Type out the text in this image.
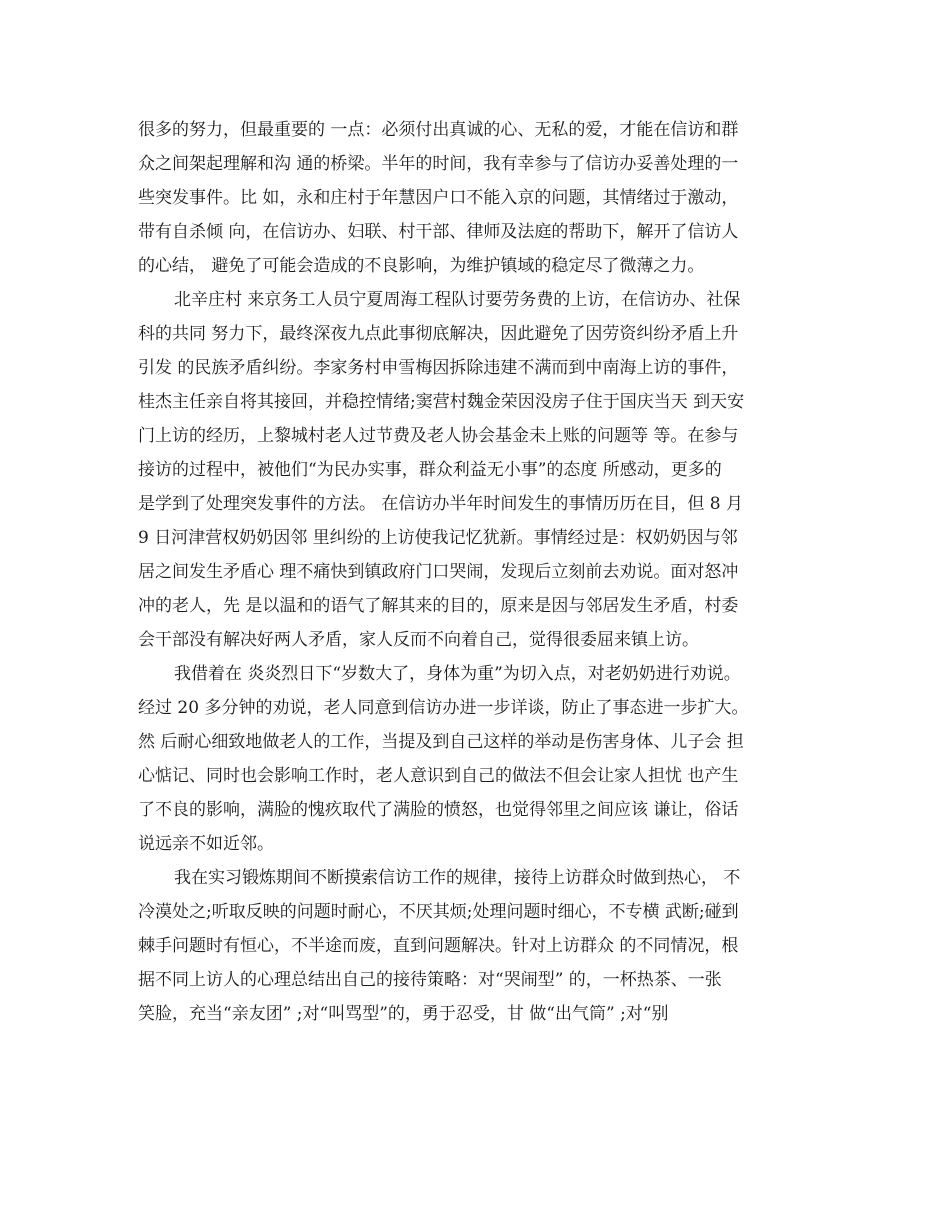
很多的努力，但最重要的 一点：必须付出真诚的心、无私的爱，才能在信访和群
众之间架起理解和沟 通的桥梁。半年的时间，我有幸参与了信访办妥善处理的一
些突发事件。比 如，永和庄村于年慧因户口不能入京的问题，其情绪过于激动，
带有自杀倾 向，在信访办、妇联、村干部、律师及法庭的帮助下，解开了信访人
的心结， 避免了可能会造成的不良影响，为维护镇域的稳定尽了微薄之力。
北辛庄村 来京务工人员宁夏周海工程队讨要劳务费的上访，在信访办、社保
科的共同 努力下，最终深夜九点此事彻底解决，因此避免了因劳资纠纷矛盾上升
引发 的民族矛盾纠纷。李家务村申雪梅因拆除违建不满而到中南海上访的事件，
桂杰主任亲自将其接回，并稳控情绪;窦营村魏金荣因没房子住于国庆当天 到天安
门上访的经历，上黎城村老人过节费及老人协会基金未上账的问题等 等。在参与
接访的过程中，被他们“为民办实事，群众利益无小事”的态度 所感动，更多的
是学到了处理突发事件的方法。 在信访办半年时间发生的事情历历在目，但 8 月
9 日河津营权奶奶因邻 里纠纷的上访使我记忆犹新。事情经过是：权奶奶因与邻
居之间发生矛盾心 理不痛快到镇政府门口哭闹，发现后立刻前去劝说。面对怒冲
冲的老人，先 是以温和的语气了解其来的目的，原来是因与邻居发生矛盾，村委
会干部没有解决好两人矛盾，家人反而不向着自己，觉得很委屈来镇上访。
我借着在 炎炎烈日下“岁数大了，身体为重”为切入点，对老奶奶进行劝说。
经过 20 多分钟的劝说，老人同意到信访办进一步详谈，防止了事态进一步扩大。
然 后耐心细致地做老人的工作，当提及到自己这样的举动是伤害身体、儿子会 担
心惦记、同时也会影响工作时，老人意识到自己的做法不但会让家人担忧 也产生
了不良的影响，满脸的愧疚取代了满脸的愤怒，也觉得邻里之间应该 谦让，俗话
说远亲不如近邻。
我在实习锻炼期间不断摸索信访工作的规律，接待上访群众时做到热心， 不
冷漠处之;听取反映的问题时耐心，不厌其烦;处理问题时细心，不专横 武断;碰到
棘手问题时有恒心，不半途而废，直到问题解决。针对上访群众 的不同情况，根
据不同上访人的心理总结出自己的接待策略：对“哭闹型” 的，一杯热茶、一张
笑脸，充当“亲友团” ;对“叫骂型”的，勇于忍受，甘 做“出气筒” ;对“别
